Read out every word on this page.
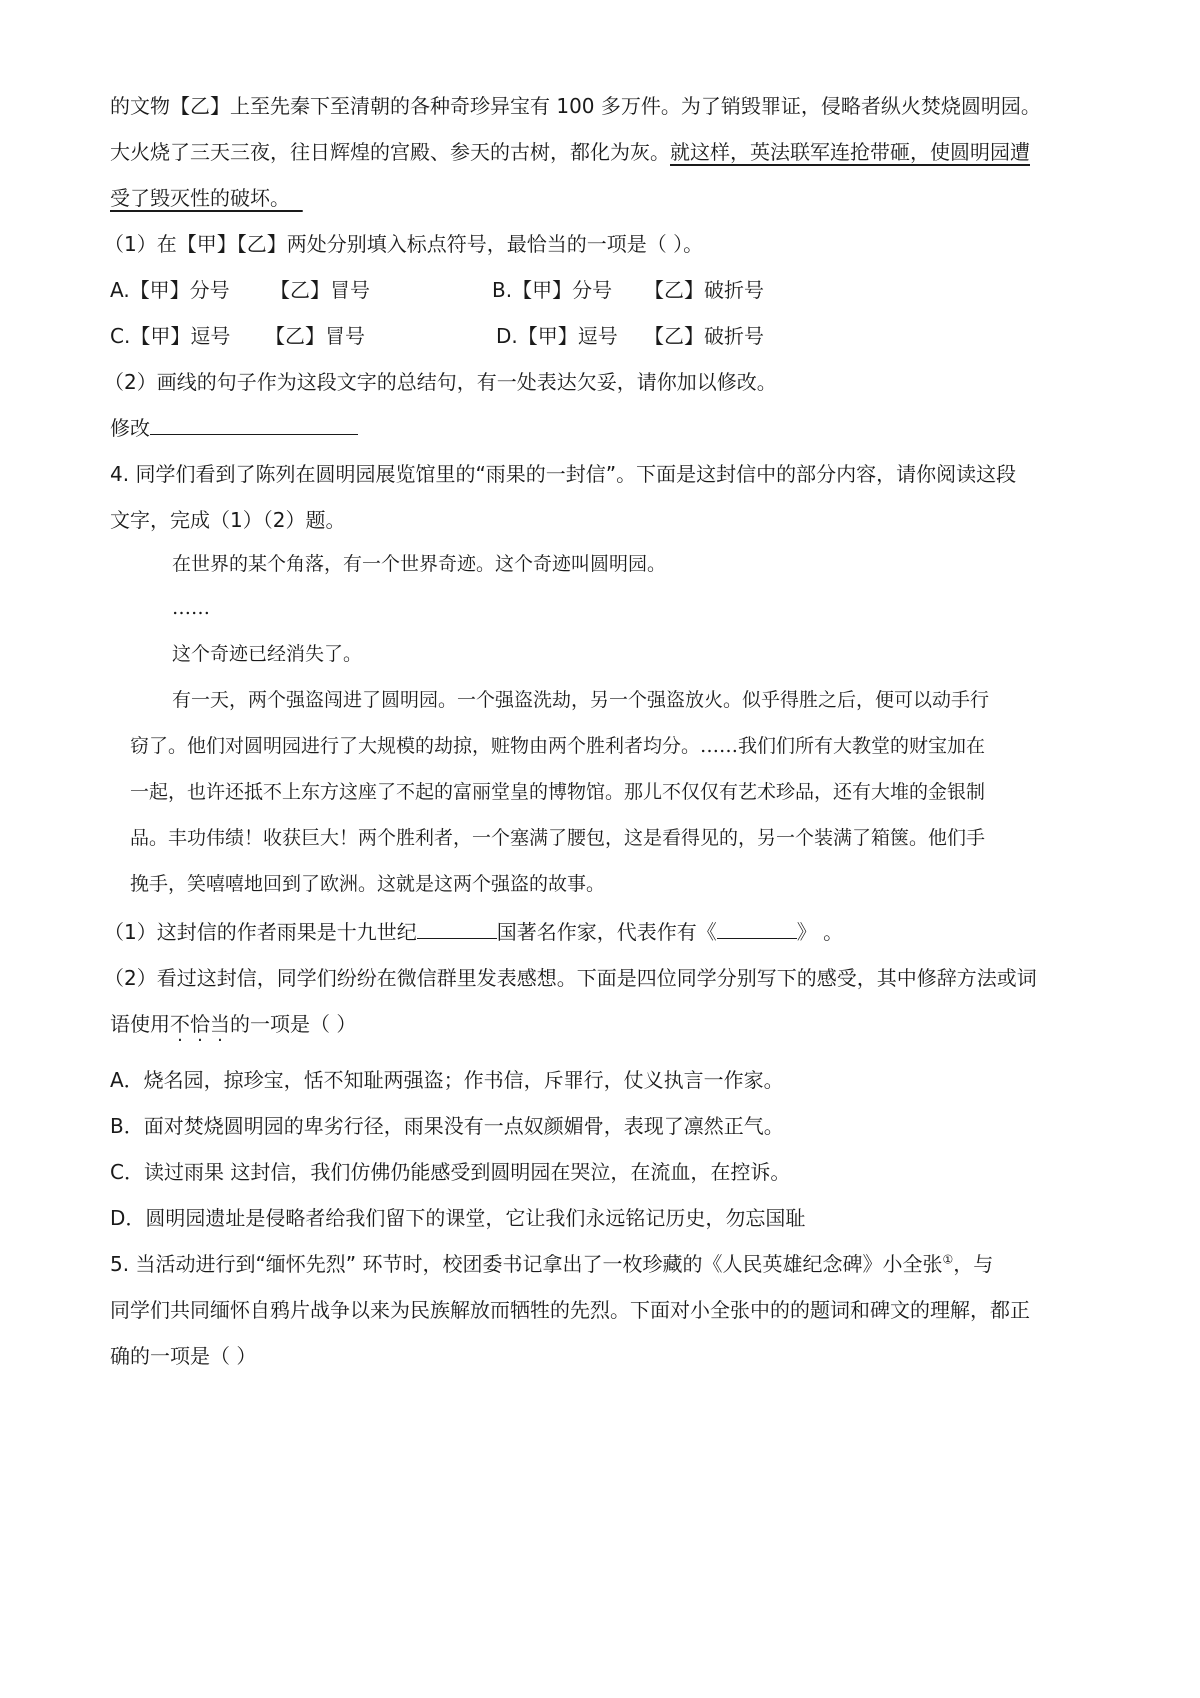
的文物【乙】上至先秦下至清朝的各种奇珍异宝有 100 多万件。为了销毁罪证，侵略者纵火焚烧圆明园。
大火烧了三天三夜，往日辉煌的宫殿、参天的古树，都化为灰。就这样，英法联军连抢带砸，使圆明园遭
受了毁灭性的破坏。
（1）在【甲】【乙】两处分别填入标点符号，最恰当的一项是（ ）。
A.【甲】分号 【乙】冒号	B.【甲】分号 【乙】破折号
C.【甲】逗号 【乙】冒号	D.【甲】逗号 【乙】破折号
（2）画线的句子作为这段文字的总结句，有一处表达欠妥，请你加以修改。
修改
4. 同学们看到了陈列在圆明园展览馆里的“雨果的一封信”。下面是这封信中的部分内容，请你阅读这段
文字，完成（1）（2）题。
在世界的某个角落，有一个世界奇迹。这个奇迹叫圆明园。
……
这个奇迹已经消失了。
有一天，两个强盗闯进了圆明园。一个强盗洗劫，另一个强盗放火。似乎得胜之后，便可以动手行
窃了。他们对圆明园进行了大规模的劫掠，赃物由两个胜利者均分。……我们们所有大教堂的财宝加在
一起，也许还抵不上东方这座了不起的富丽堂皇的博物馆。那儿不仅仅有艺术珍品，还有大堆的金银制
品。丰功伟绩！收获巨大！两个胜利者，一个塞满了腰包，这是看得见的，另一个装满了箱箧。他们手
挽手，笑嘻嘻地回到了欧洲。这就是这两个强盗的故事。
（1）这封信的作者雨果是十九世纪	国著名作家，代表作有《	》 。
（2）看过这封信，同学们纷纷在微信群里发表感想。下面是四位同学分别写下的感受，其中修辞方法或词
语使用不恰当的一项是（ ）
A．烧名园，掠珍宝，恬不知耻两强盗；作书信，斥罪行，仗义执言一作家。
B．面对焚烧圆明园的卑劣行径，雨果没有一点奴颜媚骨，表现了凛然正气。
C．读过雨果 这封信，我们仿佛仍能感受到圆明园在哭泣，在流血，在控诉。
D．圆明园遗址是侵略者给我们留下的课堂，它让我们永远铭记历史，勿忘国耻
5. 当活动进行到“缅怀先烈” 环节时，校团委书记拿出了一枚珍藏的《人民英雄纪念碑》小全张①，与
同学们共同缅怀自鸦片战争以来为民族解放而牺牲的先烈。下面对小全张中的的题词和碑文的理解，都正
确的一项是（ ）
